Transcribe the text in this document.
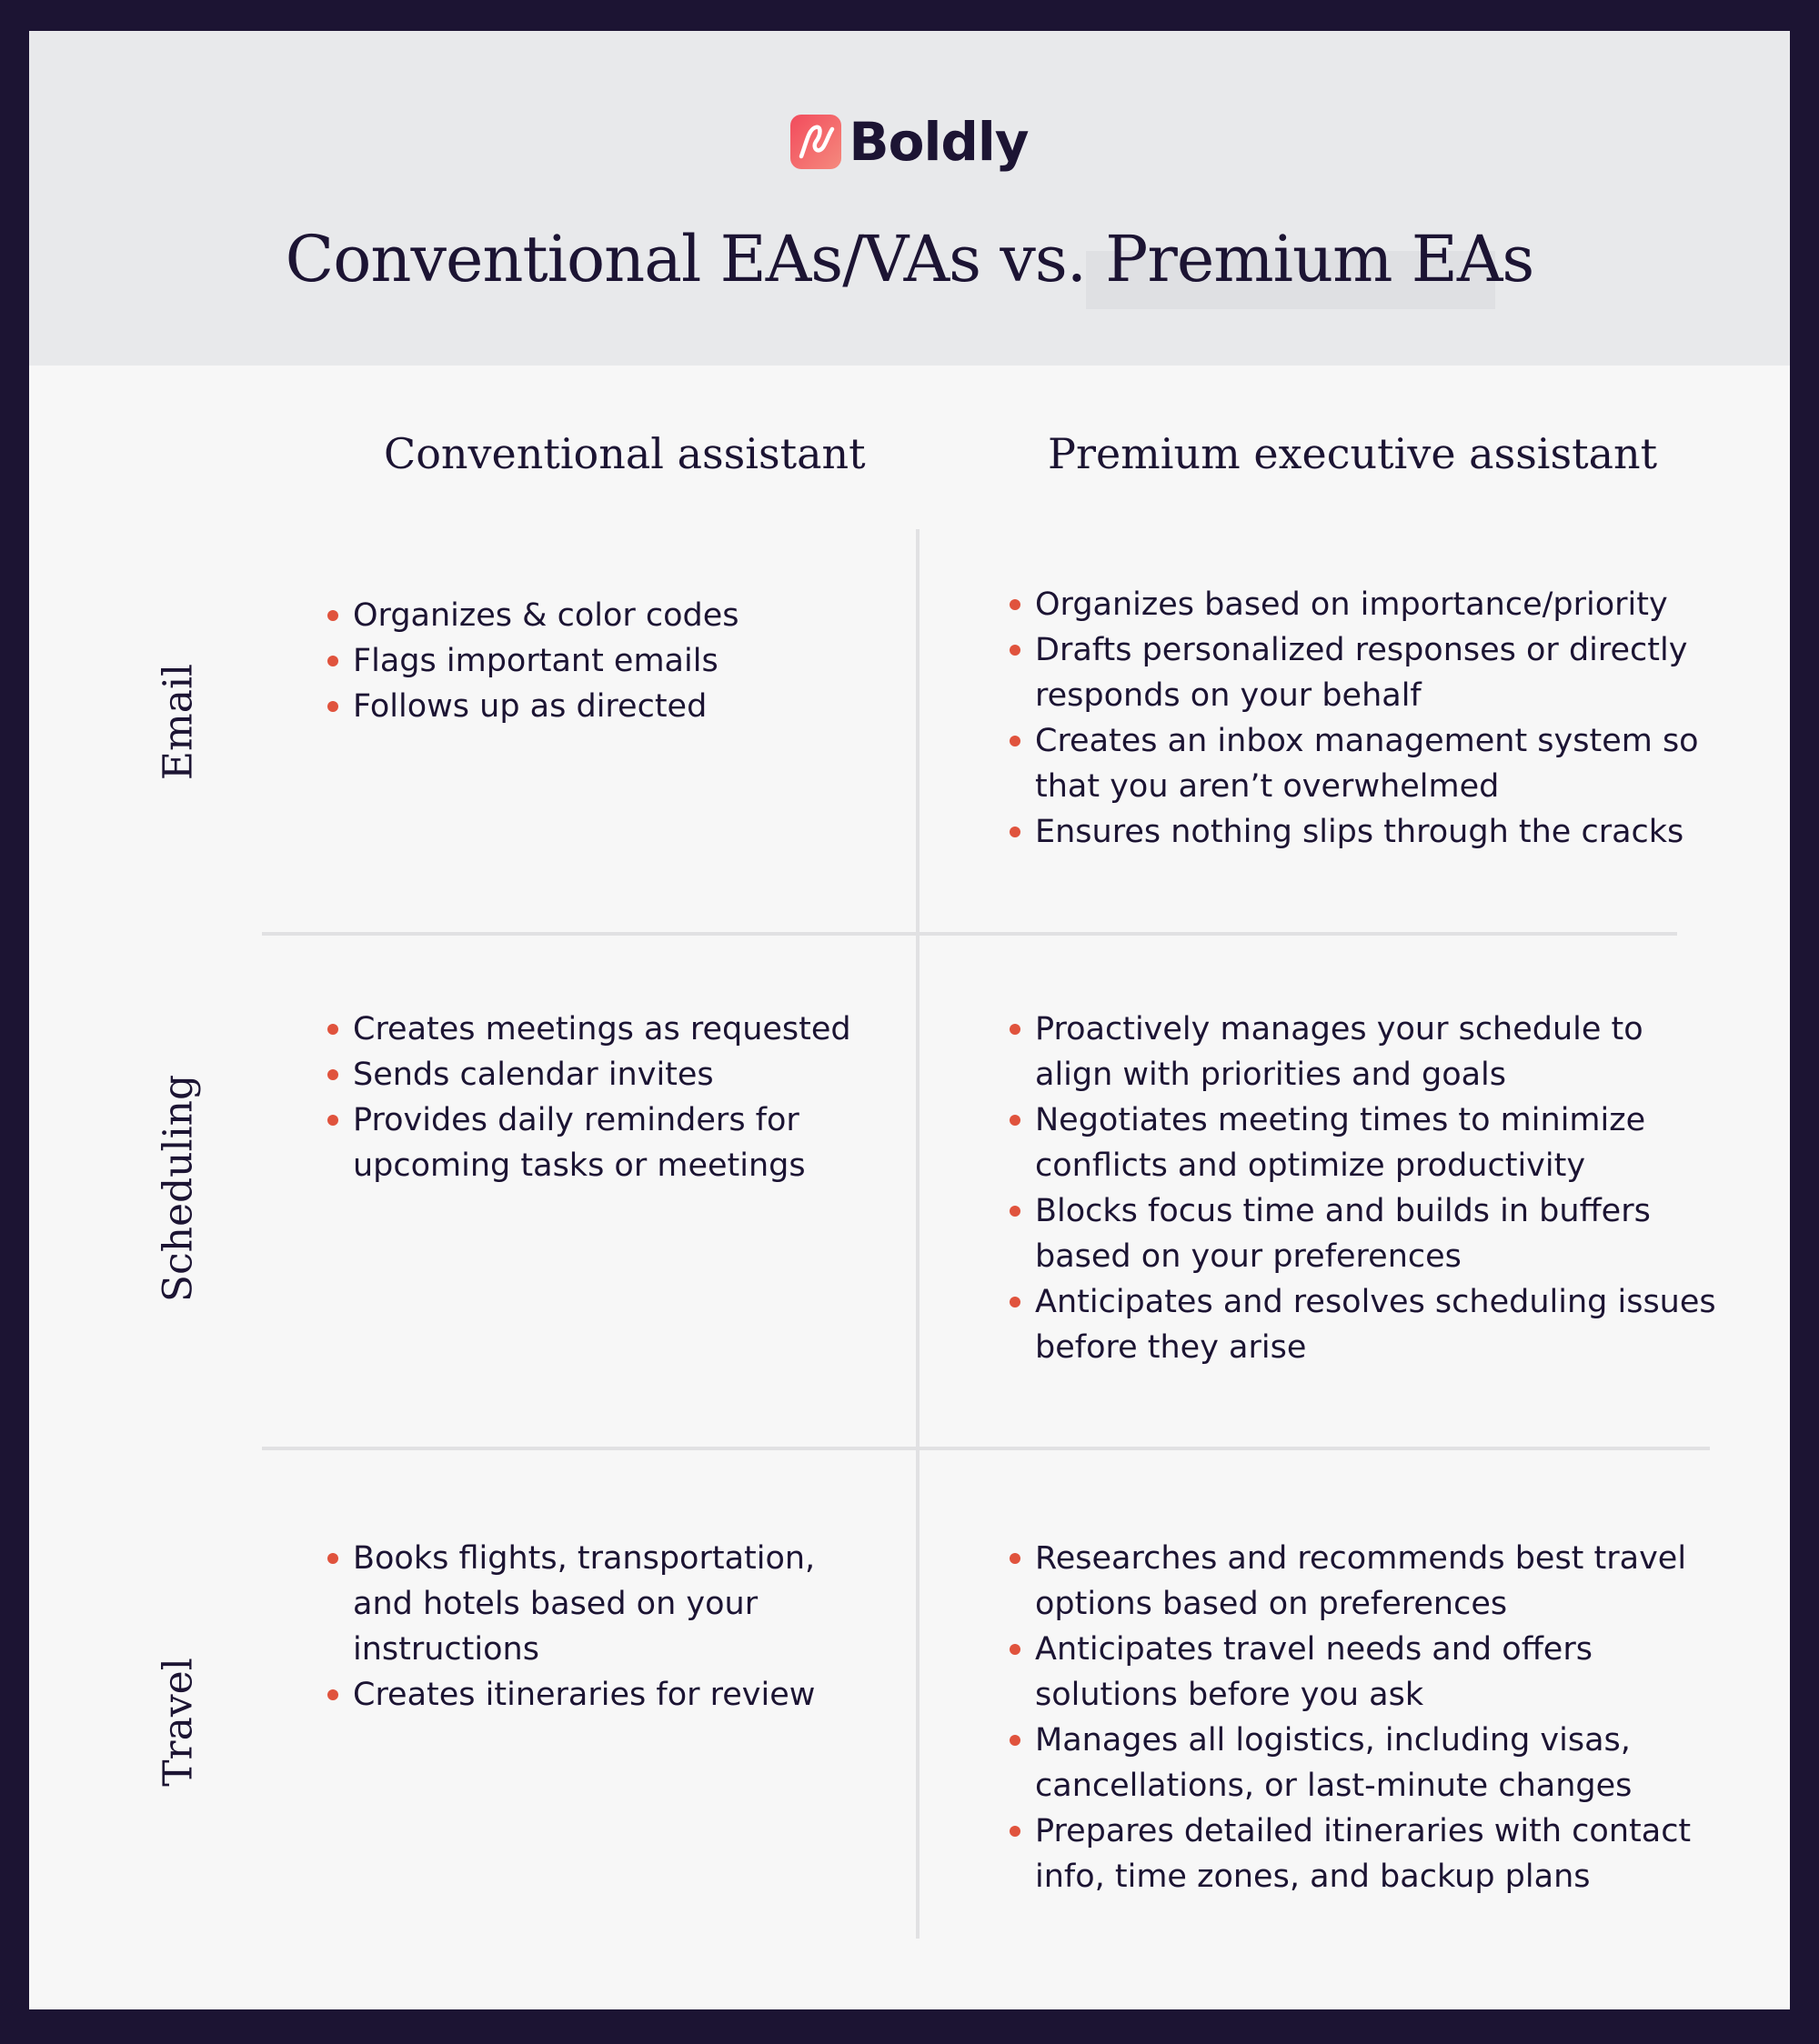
Boldly
Conventional EAs/VAs vs. Premium EAs
Conventional assistant	Premium executive assistant
Email
Organizes & color codes
Flags important emails
Follows up as directed
Organizes based on importance/priority
Drafts personalized responses or directly responds on your behalf
Creates an inbox management system so that you aren’t overwhelmed
Ensures nothing slips through the cracks
Scheduling
Creates meetings as requested
Sends calendar invites
Provides daily reminders for upcoming tasks or meetings
Proactively manages your schedule to align with priorities and goals
Negotiates meeting times to minimize conflicts and optimize productivity
Blocks focus time and builds in buffers based on your preferences
Anticipates and resolves scheduling issues before they arise
Travel
Books flights, transportation, and hotels based on your instructions
Creates itineraries for review
Researches and recommends best travel options based on preferences
Anticipates travel needs and offers solutions before you ask
Manages all logistics, including visas, cancellations, or last-minute changes
Prepares detailed itineraries with contact info, time zones, and backup plans
